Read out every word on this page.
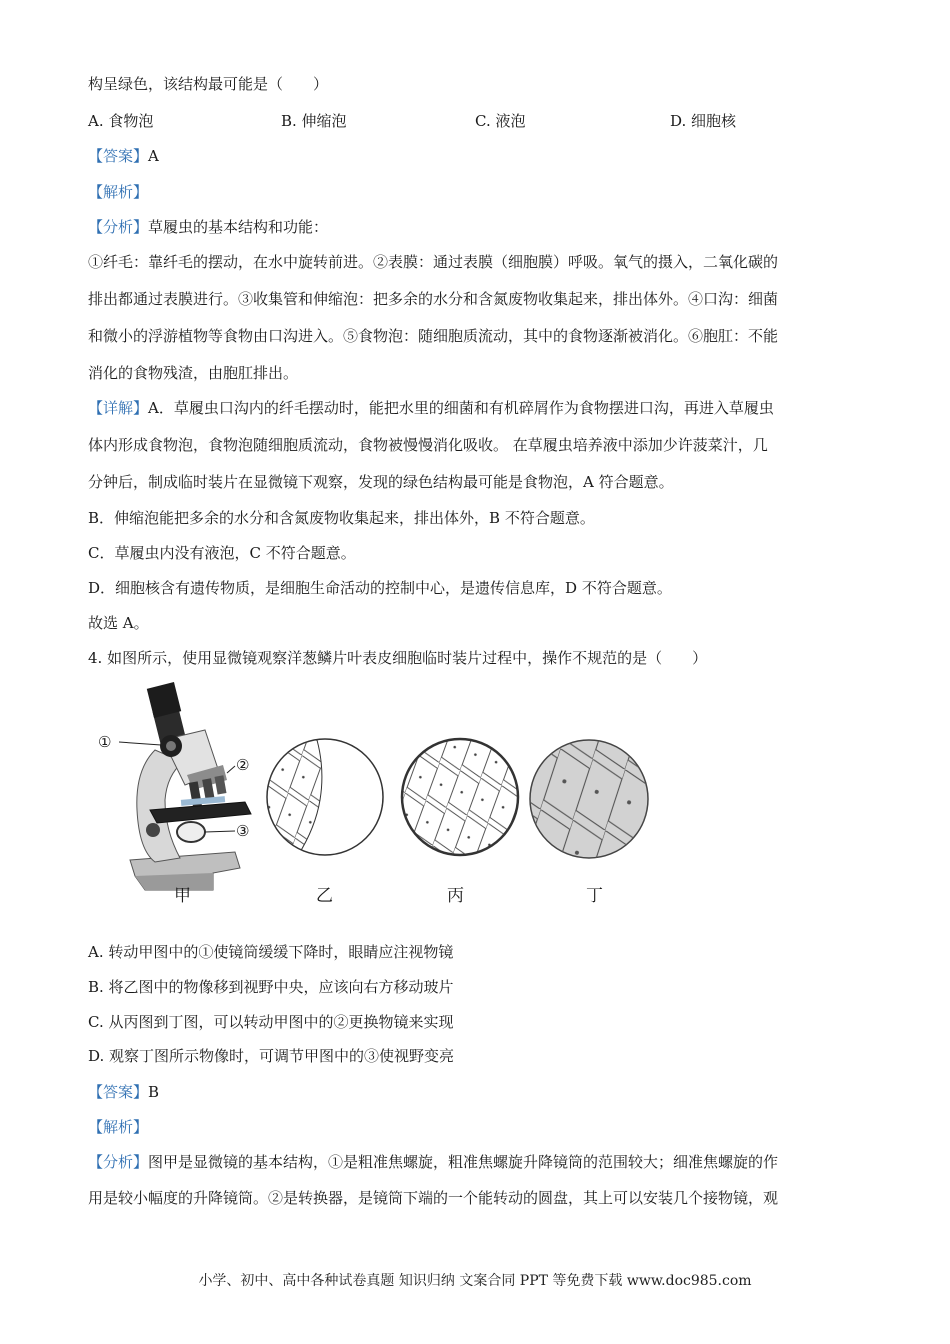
构呈绿色，该结构最可能是（　　）
A. 食物泡	B. 伸缩泡	C. 液泡	D. 细胞核
【答案】A
【解析】
【分析】草履虫的基本结构和功能：
①纤毛：靠纤毛的摆动，在水中旋转前进。②表膜：通过表膜（细胞膜）呼吸。氧气的摄入，二氧化碳的
排出都通过表膜进行。③收集管和伸缩泡：把多余的水分和含氮废物收集起来，排出体外。④口沟：细菌
和微小的浮游植物等食物由口沟进入。⑤食物泡：随细胞质流动，其中的食物逐渐被消化。⑥胞肛：不能
消化的食物残渣，由胞肛排出。
【详解】A．草履虫口沟内的纤毛摆动时，能把水里的细菌和有机碎屑作为食物摆进口沟，再进入草履虫
体内形成食物泡，食物泡随细胞质流动，食物被慢慢消化吸收。 在草履虫培养液中添加少许菠菜汁，几
分钟后，制成临时装片在显微镜下观察，发现的绿色结构最可能是食物泡，A 符合题意。
B．伸缩泡能把多余的水分和含氮废物收集起来，排出体外，B 不符合题意。
C．草履虫内没有液泡，C 不符合题意。
D．细胞核含有遗传物质，是细胞生命活动的控制中心，是遗传信息库，D 不符合题意。
故选 A。
4. 如图所示，使用显微镜观察洋葱鳞片叶表皮细胞临时装片过程中，操作不规范的是（　　）
①
②
③
甲	乙	丙	丁
A. 转动甲图中的①使镜筒缓缓下降时，眼睛应注视物镜
B. 将乙图中的物像移到视野中央，应该向右方移动玻片
C. 从丙图到丁图，可以转动甲图中的②更换物镜来实现
D. 观察丁图所示物像时，可调节甲图中的③使视野变亮
【答案】B
【解析】
【分析】图甲是显微镜的基本结构，①是粗准焦螺旋，粗准焦螺旋升降镜筒的范围较大；细准焦螺旋的作
用是较小幅度的升降镜筒。②是转换器，是镜筒下端的一个能转动的圆盘，其上可以安装几个接物镜，观
小学、初中、高中各种试卷真题 知识归纳 文案合同 PPT 等免费下载 www.doc985.com
